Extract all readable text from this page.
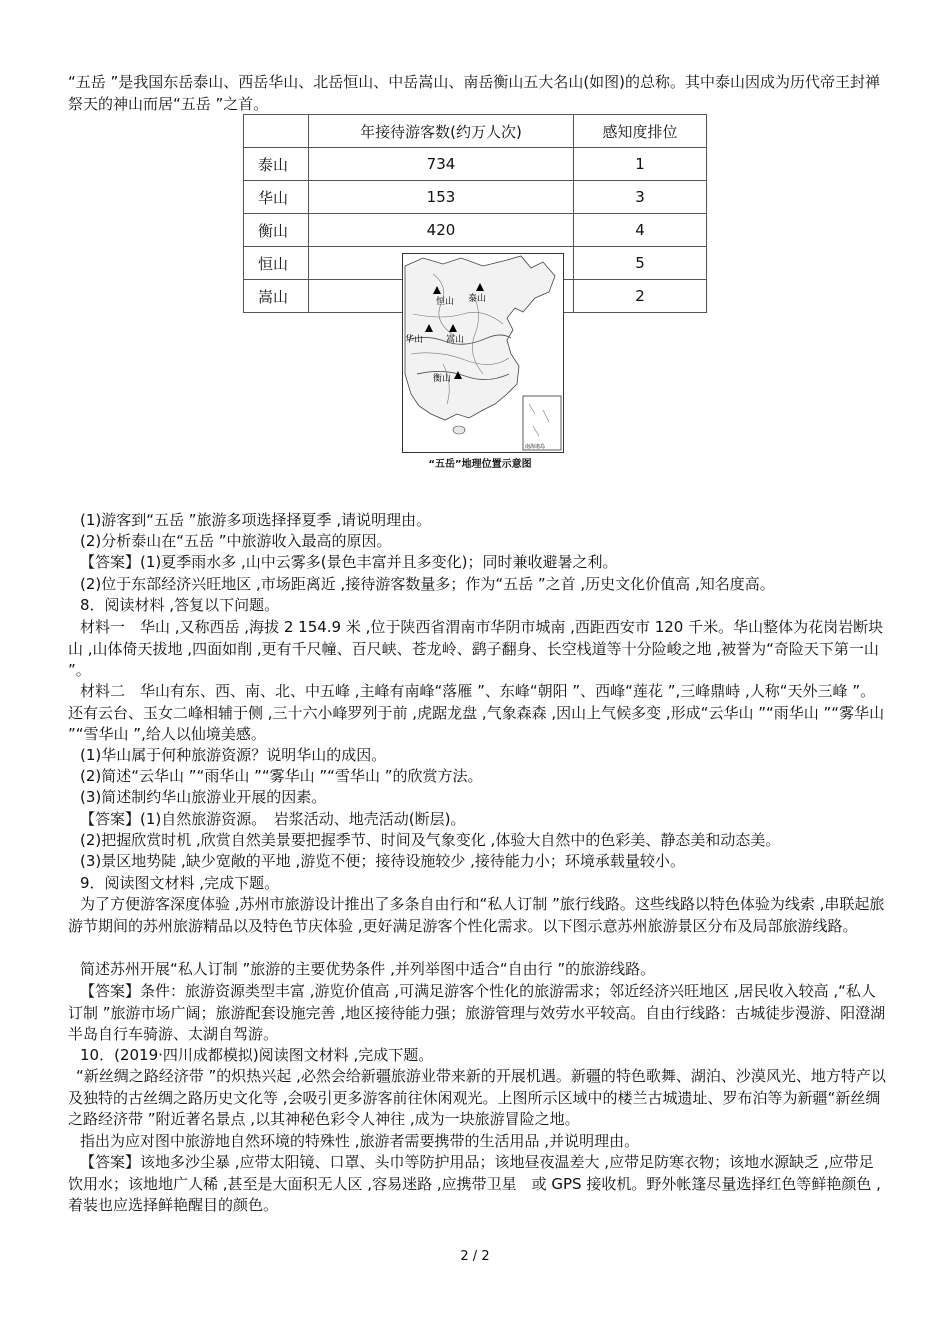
“五岳 ”是我国东岳泰山、西岳华山、北岳恒山、中岳嵩山、南岳衡山五大名山(如图)的总称。其中泰山因成为历代帝王封禅祭天的神山而居“五岳 ”之首。
	年接待游客数(约万人次)	感知度排位
泰山	734	1
华山	153	3
衡山	420	4
恒山		5
嵩山		2
恒山 泰山
华山	嵩山
衡山
南海诸岛
“五岳”地理位置示意图
(1)游客到“五岳 ”旅游多项选择择夏季 ,请说明理由。
(2)分析泰山在“五岳 ”中旅游收入最高的原因。
【答案】(1)夏季雨水多 ,山中云雾多(景色丰富并且多变化)；同时兼收避暑之利。
(2)位于东部经济兴旺地区 ,市场距离近 ,接待游客数量多；作为“五岳 ”之首 ,历史文化价值高 ,知名度高。
8．阅读材料 ,答复以下问题。
材料一　华山 ,又称西岳 ,海拔 2 154.9 米 ,位于陕西省渭南市华阴市城南 ,西距西安市 120 千米。华山整体为花岗岩断块山 ,山体倚天拔地 ,四面如削 ,更有千尺幢、百尺峡、苍龙岭、鹞子翻身、长空栈道等十分险峻之地 ,被誉为“奇险天下第一山 ”。
材料二　华山有东、西、南、北、中五峰 ,主峰有南峰“落雁 ”、东峰“朝阳 ”、西峰“莲花 ”,三峰鼎峙 ,人称“天外三峰 ”。还有云台、玉女二峰相辅于侧 ,三十六小峰罗列于前 ,虎踞龙盘 ,气象森森 ,因山上气候多变 ,形成“云华山 ”“雨华山 ”“雾华山 ”“雪华山 ”,给人以仙境美感。
(1)华山属于何种旅游资源？说明华山的成因。
(2)简述“云华山 ”“雨华山 ”“雾华山 ”“雪华山 ”的欣赏方法。
(3)简述制约华山旅游业开展的因素。
【答案】(1)自然旅游资源。　岩浆活动、地壳活动(断层)。
(2)把握欣赏时机 ,欣赏自然美景要把握季节、时间及气象变化 ,体验大自然中的色彩美、静态美和动态美。
(3)景区地势陡 ,缺少宽敞的平地 ,游览不便；接待设施较少 ,接待能力小；环境承载量较小。
9．阅读图文材料 ,完成下题。
为了方便游客深度体验 ,苏州市旅游设计推出了多条自由行和“私人订制 ”旅行线路。这些线路以特色体验为线索 ,串联起旅游节期间的苏州旅游精品以及特色节庆体验 ,更好满足游客个性化需求。以下图示意苏州旅游景区分布及局部旅游线路。
简述苏州开展“私人订制 ”旅游的主要优势条件 ,并列举图中适合“自由行 ”的旅游线路。
【答案】条件：旅游资源类型丰富 ,游览价值高 ,可满足游客个性化的旅游需求；邻近经济兴旺地区 ,居民收入较高 ,“私人订制 ”旅游市场广阔；旅游配套设施完善 ,地区接待能力强；旅游管理与效劳水平较高。自由行线路：古城徒步漫游、阳澄湖半岛自行车骑游、太湖自驾游。
10．(2019·四川成都模拟)阅读图文材料 ,完成下题。
“新丝绸之路经济带 ”的炽热兴起 ,必然会给新疆旅游业带来新的开展机遇。新疆的特色歌舞、湖泊、沙漠风光、地方特产以及独特的古丝绸之路历史文化等 ,会吸引更多游客前往休闲观光。上图所示区域中的楼兰古城遗址、罗布泊等为新疆“新丝绸之路经济带 ”附近著名景点 ,以其神秘色彩令人神往 ,成为一块旅游冒险之地。
指出为应对图中旅游地自然环境的特殊性 ,旅游者需要携带的生活用品 ,并说明理由。
【答案】该地多沙尘暴 ,应带太阳镜、口罩、头巾等防护用品；该地昼夜温差大 ,应带足防寒衣物；该地水源缺乏 ,应带足饮用水；该地地广人稀 ,甚至是大面积无人区 ,容易迷路 ,应携带卫星　或 GPS 接收机。野外帐篷尽量选择红色等鲜艳颜色 ,着装也应选择鲜艳醒目的颜色。
2 / 2
